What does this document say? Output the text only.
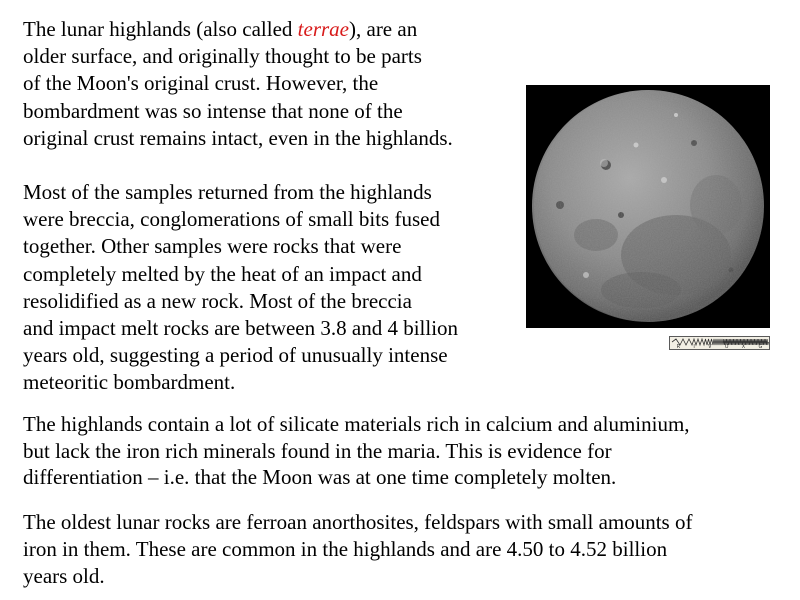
The lunar highlands (also called terrae), are an
older surface, and originally thought to be parts
of the Moon's original crust. However, the
bombardment was so intense that none of the
original crust remains intact, even in the highlands.

Most of the samples returned from the highlands
were breccia, conglomerations of small bits fused
together. Other samples were rocks that were
completely melted by the heat of an impact and
resolidified as a new rock. Most of the breccia
and impact melt rocks are between 3.8 and 4 billion
years old, suggesting a period of unusually intense
meteoritic bombardment.

The highlands contain a lot of silicate materials rich in calcium and aluminium,
but lack the iron rich minerals found in the maria. This is evidence for
differentiation – i.e. that the Moon was at one time completely molten.

The oldest lunar rocks are ferroan anorthosites, feldspars with small amounts of
iron in them. These are common in the highlands and are 4.50 to 4.52 billion
years old.

R	I	V	U	X	G
